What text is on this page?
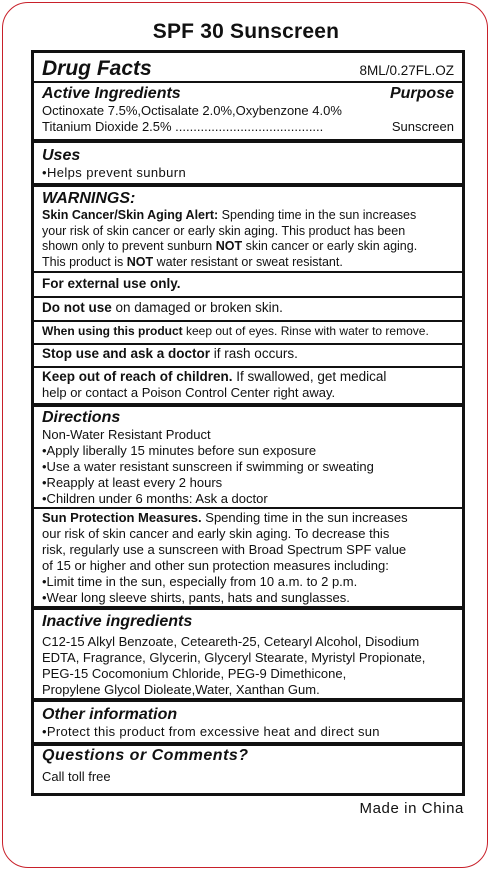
SPF 30 Sunscreen
Drug Facts	8ML/0.27FL.OZ
Active Ingredients	Purpose
Octinoxate 7.5%,Octisalate 2.0%,Oxybenzone 4.0%
Titanium Dioxide 2.5% .........................................	Sunscreen
Uses
•Helps prevent sunburn
WARNINGS:
Skin Cancer/Skin Aging Alert: Spending time in the sun increases
your risk of skin cancer or early skin aging. This product has been
shown only to prevent sunburn NOT skin cancer or early skin aging.
This product is NOT water resistant or sweat resistant.
For external use only.
Do not use on damaged or broken skin.
When using this product keep out of eyes. Rinse with water to remove.
Stop use and ask a doctor if rash occurs.
Keep out of reach of children. If swallowed, get medical
help or contact a Poison Control Center right away.
Directions
Non-Water Resistant Product
•Apply liberally 15 minutes before sun exposure
•Use a water resistant sunscreen if swimming or sweating
•Reapply at least every 2 hours
•Children under 6 months: Ask a doctor
Sun Protection Measures. Spending time in the sun increases
our risk of skin cancer and early skin aging. To decrease this
risk, regularly use a sunscreen with Broad Spectrum SPF value
of 15 or higher and other sun protection measures including:
•Limit time in the sun, especially from 10 a.m. to 2 p.m.
•Wear long sleeve shirts, pants, hats and sunglasses.
Inactive ingredients
C12-15 Alkyl Benzoate, Ceteareth-25, Cetearyl Alcohol, Disodium
EDTA, Fragrance, Glycerin, Glyceryl Stearate, Myristyl Propionate,
PEG-15 Cocomonium Chloride, PEG-9 Dimethicone,
Propylene Glycol Dioleate,Water, Xanthan Gum.
Other information
•Protect this product from excessive heat and direct sun
Questions or Comments?
Call toll free
Made in China
